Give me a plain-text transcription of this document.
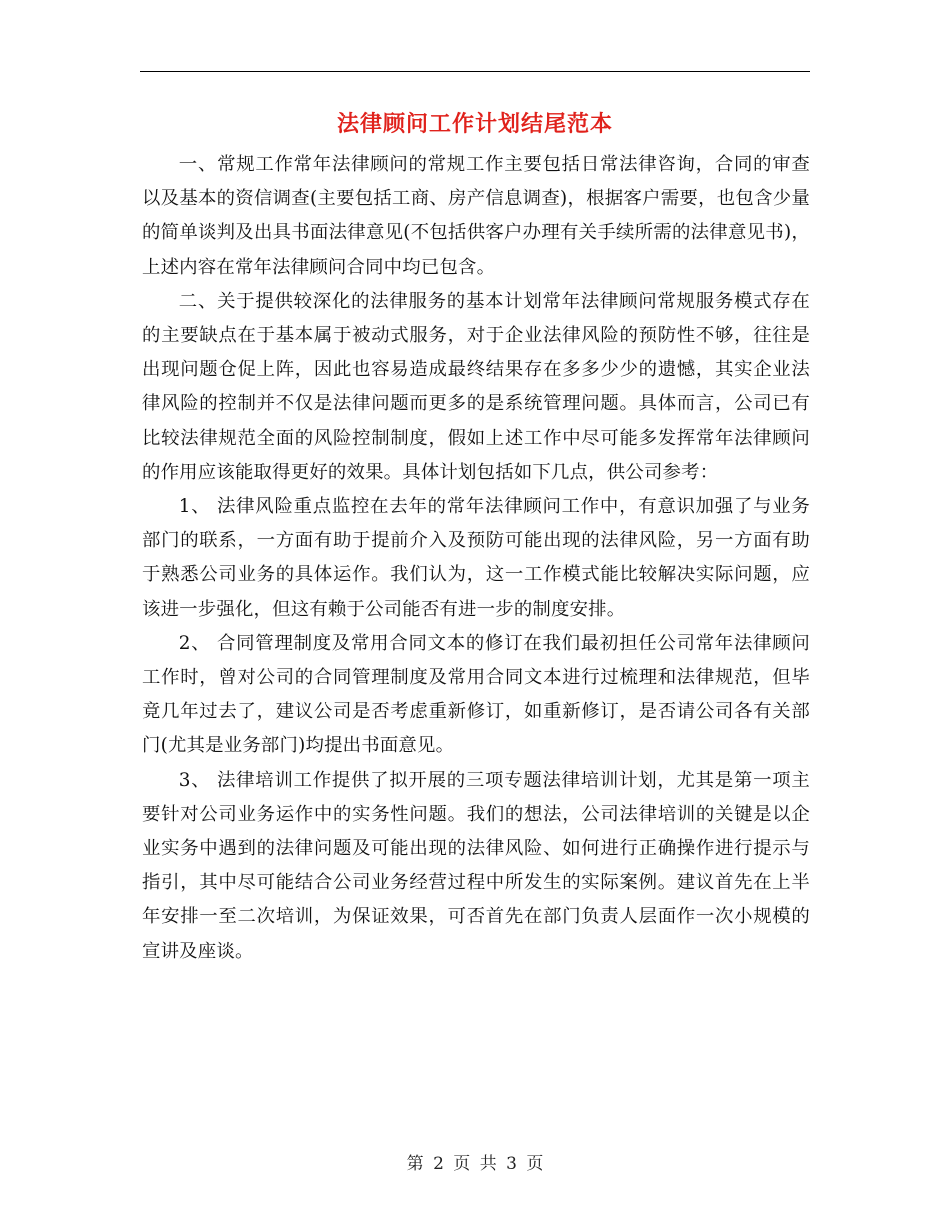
法律顾问工作计划结尾范本

一、常规工作常年法律顾问的常规工作主要包括日常法律咨询，合同的审查以及基本的资信调查(主要包括工商、房产信息调查)，根据客户需要，也包含少量的简单谈判及出具书面法律意见(不包括供客户办理有关手续所需的法律意见书)，上述内容在常年法律顾问合同中均已包含。

二、关于提供较深化的法律服务的基本计划常年法律顾问常规服务模式存在的主要缺点在于基本属于被动式服务，对于企业法律风险的预防性不够，往往是出现问题仓促上阵，因此也容易造成最终结果存在多多少少的遗憾，其实企业法律风险的控制并不仅是法律问题而更多的是系统管理问题。具体而言，公司已有比较法律规范全面的风险控制制度，假如上述工作中尽可能多发挥常年法律顾问的作用应该能取得更好的效果。具体计划包括如下几点，供公司参考：

1、 法律风险重点监控在去年的常年法律顾问工作中，有意识加强了与业务部门的联系，一方面有助于提前介入及预防可能出现的法律风险，另一方面有助于熟悉公司业务的具体运作。我们认为，这一工作模式能比较解决实际问题，应该进一步强化，但这有赖于公司能否有进一步的制度安排。

2、 合同管理制度及常用合同文本的修订在我们最初担任公司常年法律顾问工作时，曾对公司的合同管理制度及常用合同文本进行过梳理和法律规范，但毕竟几年过去了，建议公司是否考虑重新修订，如重新修订，是否请公司各有关部门(尤其是业务部门)均提出书面意见。

3、 法律培训工作提供了拟开展的三项专题法律培训计划，尤其是第一项主要针对公司业务运作中的实务性问题。我们的想法，公司法律培训的关键是以企业实务中遇到的法律问题及可能出现的法律风险、如何进行正确操作进行提示与指引，其中尽可能结合公司业务经营过程中所发生的实际案例。建议首先在上半年安排一至二次培训，为保证效果，可否首先在部门负责人层面作一次小规模的宣讲及座谈。

第 2 页 共 3 页
